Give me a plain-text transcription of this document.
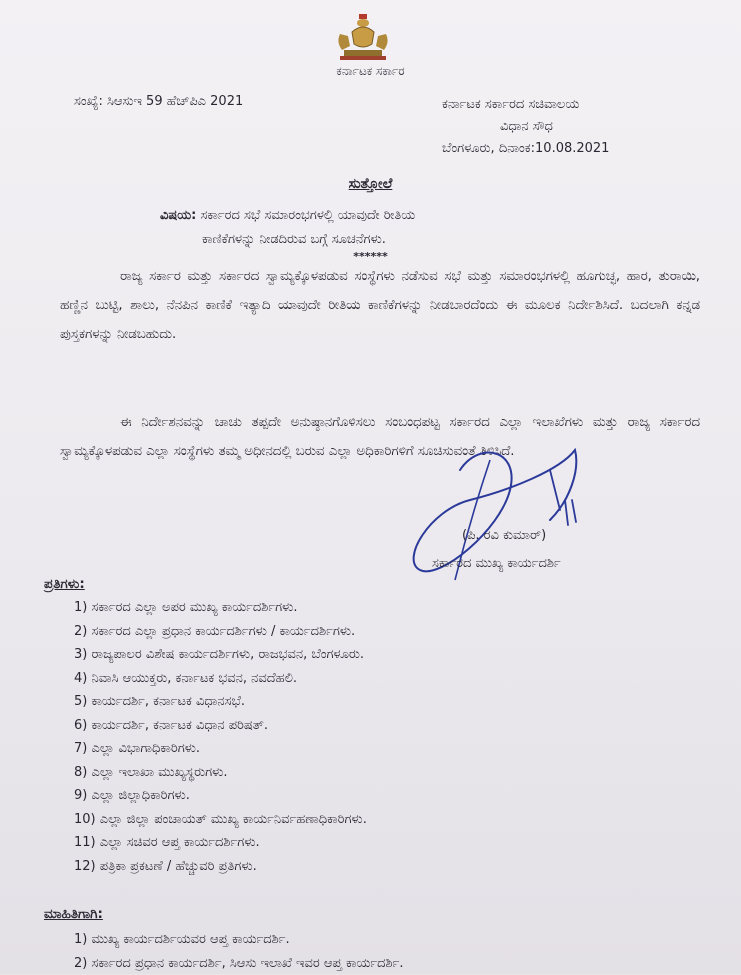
ಕರ್ನಾಟಕ ಸರ್ಕಾರ
ಸಂಖ್ಯೆ: ಸಿಆಸುಇ 59 ಹೆಚ್‌ಪಿಎ 2021	ಕರ್ನಾಟಕ ಸರ್ಕಾರದ ಸಚಿವಾಲಯ
ವಿಧಾನ ಸೌಧ
ಬೆಂಗಳೂರು, ದಿನಾಂಕ:10.08.2021
ಸುತ್ತೋಲೆ
ವಿಷಯ: ಸರ್ಕಾರದ ಸಭೆ ಸಮಾರಂಭಗಳಲ್ಲಿ ಯಾವುದೇ ರೀತಿಯ
ಕಾಣಿಕೆಗಳನ್ನು ನೀಡದಿರುವ ಬಗ್ಗೆ ಸೂಚನೆಗಳು.
******
ರಾಜ್ಯ ಸರ್ಕಾರ ಮತ್ತು ಸರ್ಕಾರದ ಸ್ವಾಮ್ಯಕ್ಕೊಳಪಡುವ ಸಂಸ್ಥೆಗಳು ನಡೆಸುವ ಸಭೆ ಮತ್ತು ಸಮಾರಂಭಗಳಲ್ಲಿ ಹೂಗುಚ್ಛ, ಹಾರ, ತುರಾಯಿ, ಹಣ್ಣಿನ ಬುಟ್ಟಿ, ಶಾಲು, ನೆನಪಿನ ಕಾಣಿಕೆ ಇತ್ಯಾದಿ ಯಾವುದೇ ರೀತಿಯ ಕಾಣಿಕೆಗಳನ್ನು ನೀಡಬಾರದೆಂದು ಈ ಮೂಲಕ ನಿರ್ದೇಶಿಸಿದೆ. ಬದಲಾಗಿ ಕನ್ನಡ ಪುಸ್ತಕಗಳನ್ನು ನೀಡಬಹುದು.
ಈ ನಿರ್ದೇಶನವನ್ನು ಚಾಚು ತಪ್ಪದೇ ಅನುಷ್ಠಾನಗೊಳಿಸಲು ಸಂಬಂಧಪಟ್ಟ ಸರ್ಕಾರದ ಎಲ್ಲಾ ಇಲಾಖೆಗಳು ಮತ್ತು ರಾಜ್ಯ ಸರ್ಕಾರದ ಸ್ವಾಮ್ಯಕ್ಕೊಳಪಡುವ ಎಲ್ಲಾ ಸಂಸ್ಥೆಗಳು ತಮ್ಮ ಅಧೀನದಲ್ಲಿ ಬರುವ ಎಲ್ಲಾ ಅಧಿಕಾರಿಗಳಿಗೆ ಸೂಚಿಸುವಂತೆ ತಿಳಿಸಿದೆ.
(ಪಿ. ರವಿ ಕುಮಾರ್)
ಸರ್ಕಾರದ ಮುಖ್ಯ ಕಾರ್ಯದರ್ಶಿ
ಪ್ರತಿಗಳು:
1) ಸರ್ಕಾರದ ಎಲ್ಲಾ ಅಪರ ಮುಖ್ಯ ಕಾರ್ಯದರ್ಶಿಗಳು.
2) ಸರ್ಕಾರದ ಎಲ್ಲಾ ಪ್ರಧಾನ ಕಾರ್ಯದರ್ಶಿಗಳು / ಕಾರ್ಯದರ್ಶಿಗಳು.
3) ರಾಜ್ಯಪಾಲರ ವಿಶೇಷ ಕಾರ್ಯದರ್ಶಿಗಳು, ರಾಜಭವನ, ಬೆಂಗಳೂರು.
4) ನಿವಾಸಿ ಆಯುಕ್ತರು, ಕರ್ನಾಟಕ ಭವನ, ನವದೆಹಲಿ.
5) ಕಾರ್ಯದರ್ಶಿ, ಕರ್ನಾಟಕ ವಿಧಾನಸಭೆ.
6) ಕಾರ್ಯದರ್ಶಿ, ಕರ್ನಾಟಕ ವಿಧಾನ ಪರಿಷತ್.
7) ಎಲ್ಲಾ ವಿಭಾಗಾಧಿಕಾರಿಗಳು.
8) ಎಲ್ಲಾ ಇಲಾಖಾ ಮುಖ್ಯಸ್ಥರುಗಳು.
9) ಎಲ್ಲಾ ಜಿಲ್ಲಾಧಿಕಾರಿಗಳು.
10) ಎಲ್ಲಾ ಜಿಲ್ಲಾ ಪಂಚಾಯತ್ ಮುಖ್ಯ ಕಾರ್ಯನಿರ್ವಹಣಾಧಿಕಾರಿಗಳು.
11) ಎಲ್ಲಾ ಸಚಿವರ ಆಪ್ತ ಕಾರ್ಯದರ್ಶಿಗಳು.
12) ಪತ್ರಿಕಾ ಪ್ರಕಟಣೆ / ಹೆಚ್ಚುವರಿ ಪ್ರತಿಗಳು.
ಮಾಹಿತಿಗಾಗಿ:
1) ಮುಖ್ಯ ಕಾರ್ಯದರ್ಶಿಯವರ ಆಪ್ತ ಕಾರ್ಯದರ್ಶಿ.
2) ಸರ್ಕಾರದ ಪ್ರಧಾನ ಕಾರ್ಯದರ್ಶಿ, ಸಿಆಸು ಇಲಾಖೆ ಇವರ ಆಪ್ತ ಕಾರ್ಯದರ್ಶಿ.
